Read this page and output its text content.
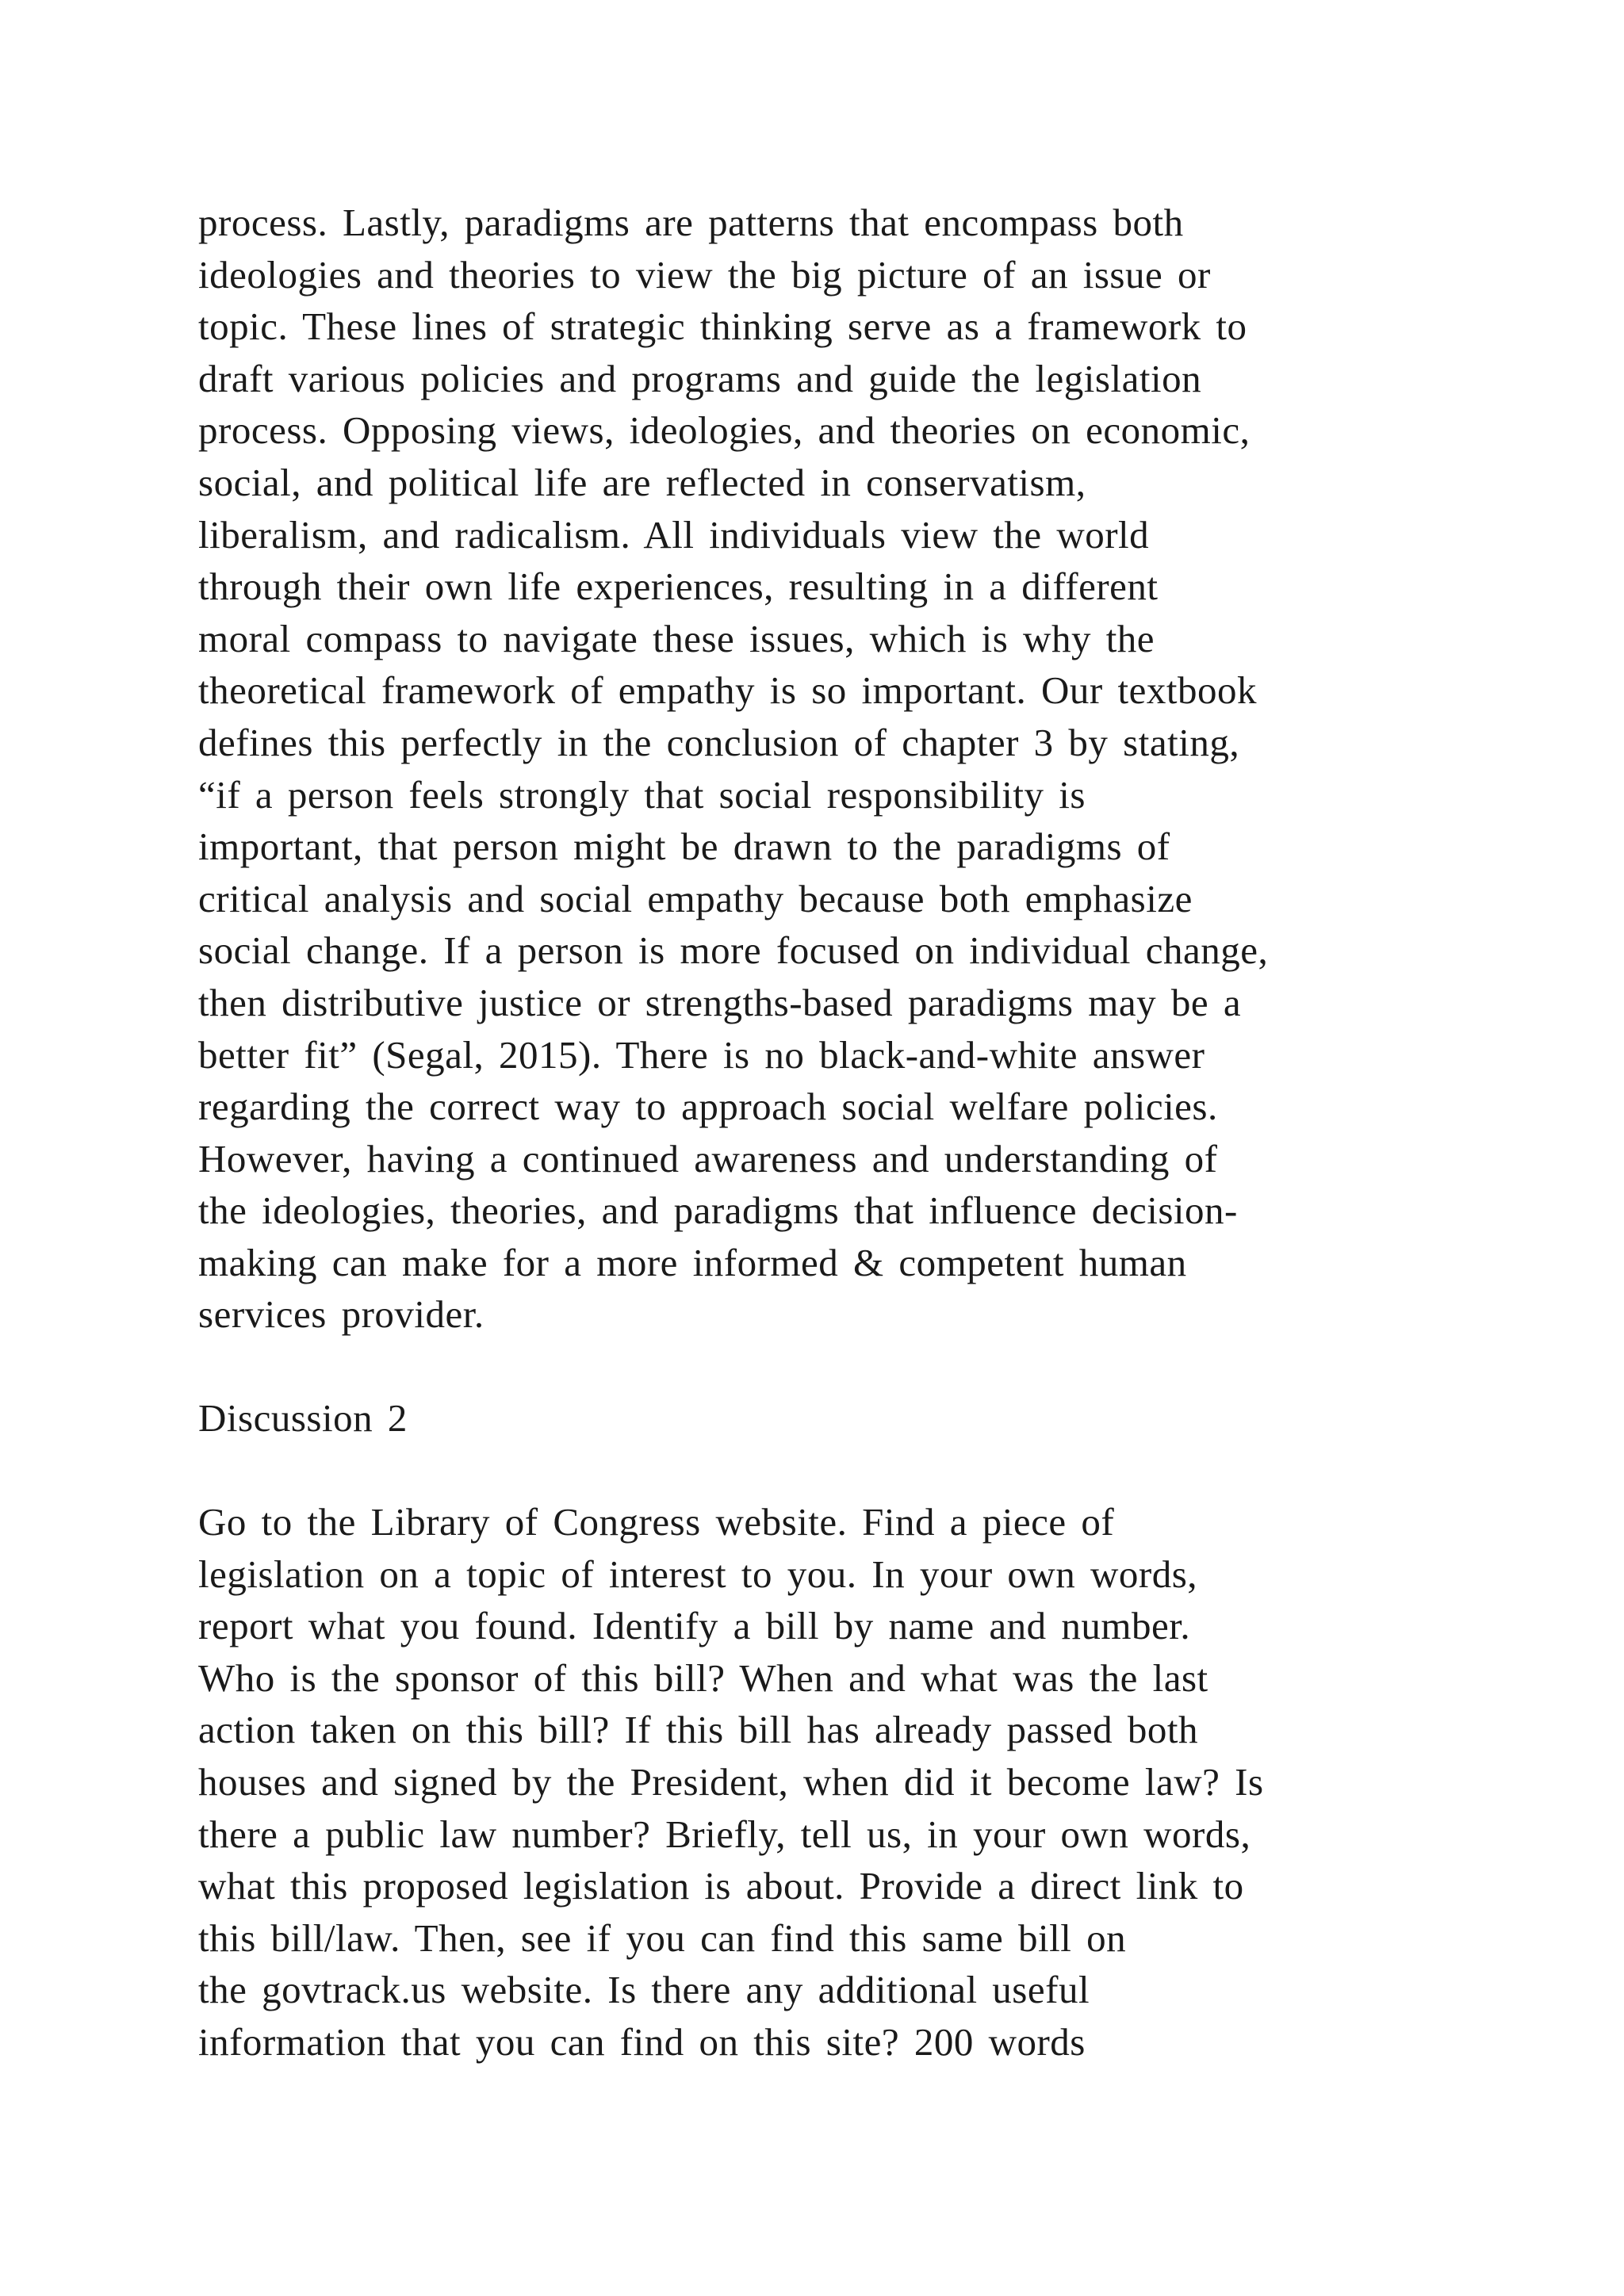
process. Lastly, paradigms are patterns that encompass both
ideologies and theories to view the big picture of an issue or
topic. These lines of strategic thinking serve as a framework to
draft various policies and programs and guide the legislation
process. Opposing views, ideologies, and theories on economic,
social, and political life are reflected in conservatism,
liberalism, and radicalism. All individuals view the world
through their own life experiences, resulting in a different
moral compass to navigate these issues, which is why the
theoretical framework of empathy is so important. Our textbook
defines this perfectly in the conclusion of chapter 3 by stating,
“if a person feels strongly that social responsibility is
important, that person might be drawn to the paradigms of
critical analysis and social empathy because both emphasize
social change. If a person is more focused on individual change,
then distributive justice or strengths-based paradigms may be a
better fit” (Segal, 2015). There is no black-and-white answer
regarding the correct way to approach social welfare policies.
However, having a continued awareness and understanding of
the ideologies, theories, and paradigms that influence decision-
making can make for a more informed & competent human
services provider.

Discussion 2

Go to the Library of Congress website. Find a piece of
legislation on a topic of interest to you. In your own words,
report what you found. Identify a bill by name and number.
Who is the sponsor of this bill? When and what was the last
action taken on this bill? If this bill has already passed both
houses and signed by the President, when did it become law? Is
there a public law number? Briefly, tell us, in your own words,
what this proposed legislation is about. Provide a direct link to
this bill/law. Then, see if you can find this same bill on
the govtrack.us website. Is there any additional useful
information that you can find on this site? 200 words
